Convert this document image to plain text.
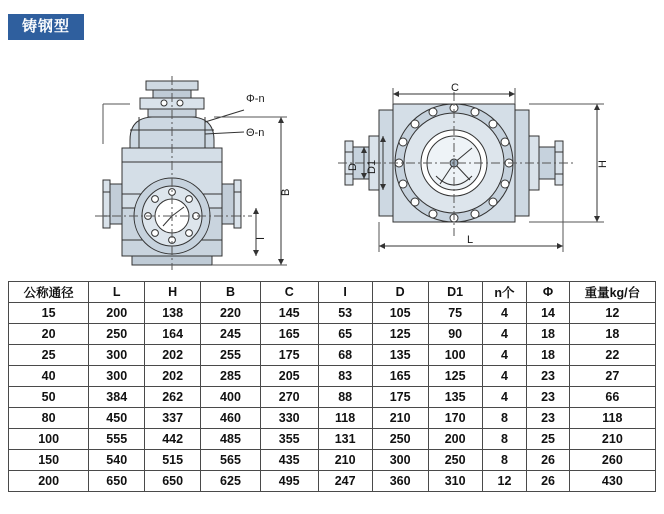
铸钢型
Φ-n
Θ-n
B
I
D D1	H
C
L
公称通径	L	H	B	C	I	D	D1	n个	Φ	重量kg/台
15	200	138	220	145	53	105	75	4	14	12
20	250	164	245	165	65	125	90	4	18	18
25	300	202	255	175	68	135	100	4	18	22
40	300	202	285	205	83	165	125	4	23	27
50	384	262	400	270	88	175	135	4	23	66
80	450	337	460	330	118	210	170	8	23	118
100	555	442	485	355	131	250	200	8	25	210
150	540	515	565	435	210	300	250	8	26	260
200	650	650	625	495	247	360	310	12	26	430
